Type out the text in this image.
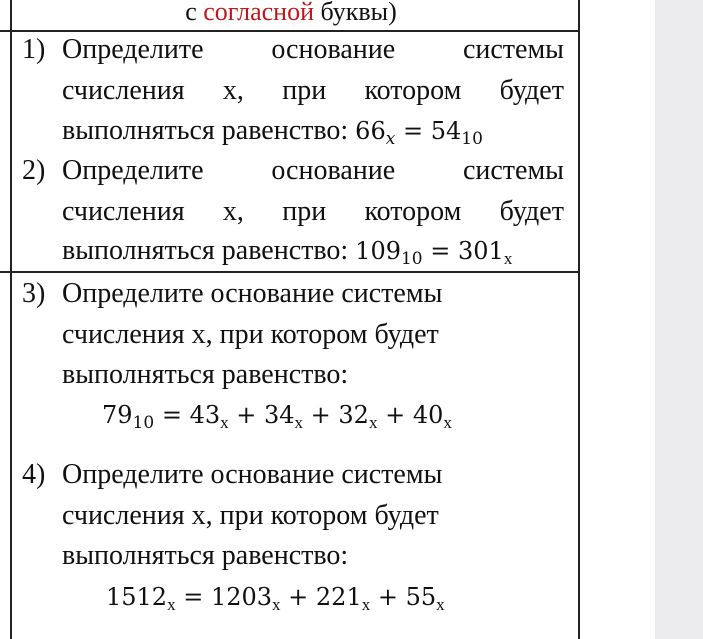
с согласной буквы)
1) Определите основание системы
счисления х, при котором будет
выполняться равенство: $66_x = 54_{10}$
2) Определите основание системы
счисления х, при котором будет
выполняться равенство: $109_{10} = 301_x$
3) Определите основание системы
счисления х, при котором будет
выполняться равенство:
$79_{10} = 43_x + 34_x + 32_x + 40_x$
4) Определите основание системы
счисления х, при котором будет
выполняться равенство:
$1512_x = 1203_x + 221_x + 55_x$
